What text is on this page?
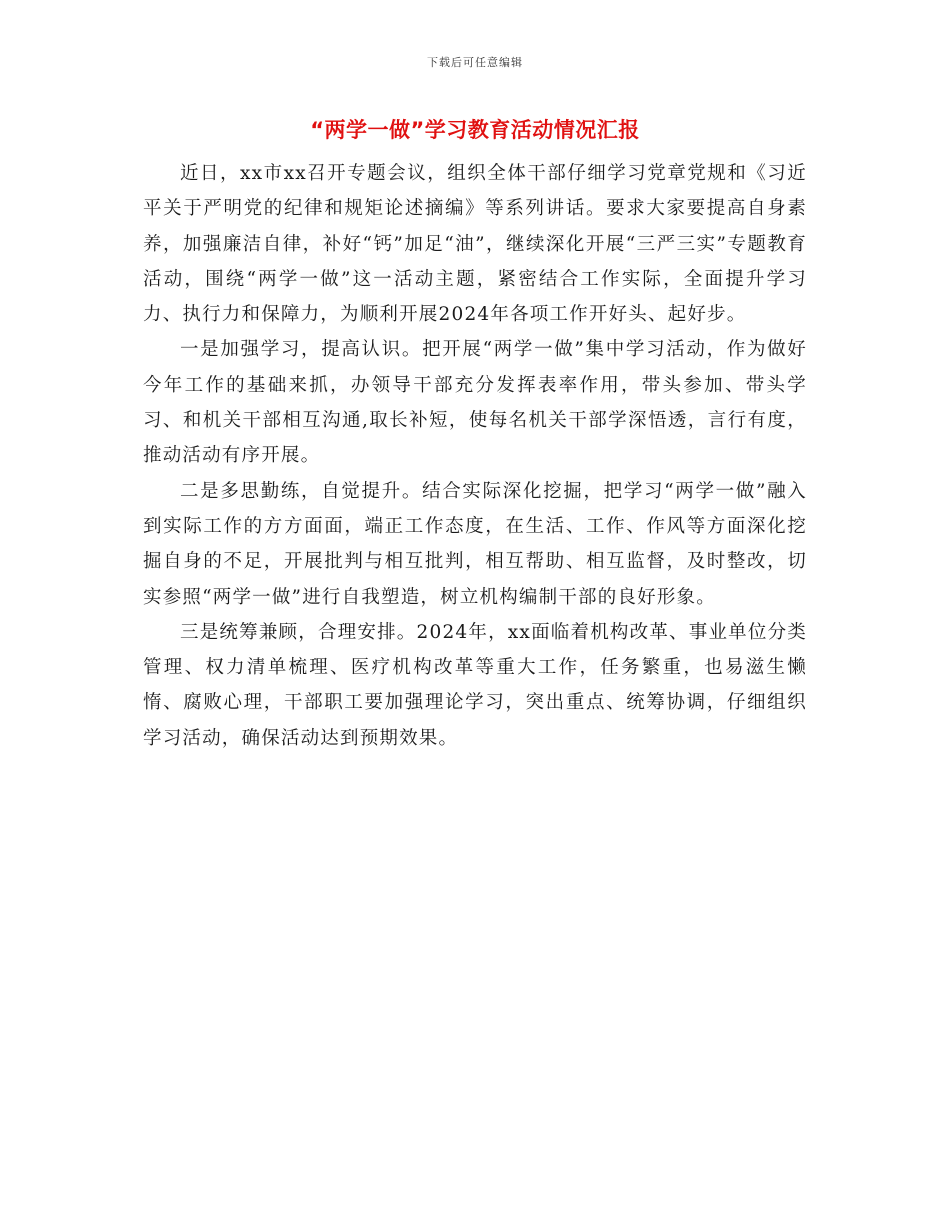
下载后可任意编辑
“两学一做”学习教育活动情况汇报

近日，xx市xx召开专题会议，组织全体干部仔细学习党章党规和《习近平关于严明党的纪律和规矩论述摘编》等系列讲话。要求大家要提高自身素养，加强廉洁自律，补好“钙”加足“油”，继续深化开展“三严三实”专题教育活动，围绕“两学一做”这一活动主题，紧密结合工作实际，全面提升学习力、执行力和保障力，为顺利开展2024年各项工作开好头、起好步。

一是加强学习，提高认识。把开展“两学一做”集中学习活动，作为做好今年工作的基础来抓，办领导干部充分发挥表率作用，带头参加、带头学习、和机关干部相互沟通,取长补短，使每名机关干部学深悟透，言行有度，推动活动有序开展。

二是多思勤练，自觉提升。结合实际深化挖掘，把学习“两学一做”融入到实际工作的方方面面，端正工作态度，在生活、工作、作风等方面深化挖掘自身的不足，开展批判与相互批判，相互帮助、相互监督，及时整改，切实参照“两学一做”进行自我塑造，树立机构编制干部的良好形象。

三是统筹兼顾，合理安排。2024年，xx面临着机构改革、事业单位分类管理、权力清单梳理、医疗机构改革等重大工作，任务繁重，也易滋生懒惰、腐败心理，干部职工要加强理论学习，突出重点、统筹协调，仔细组织学习活动，确保活动达到预期效果。
